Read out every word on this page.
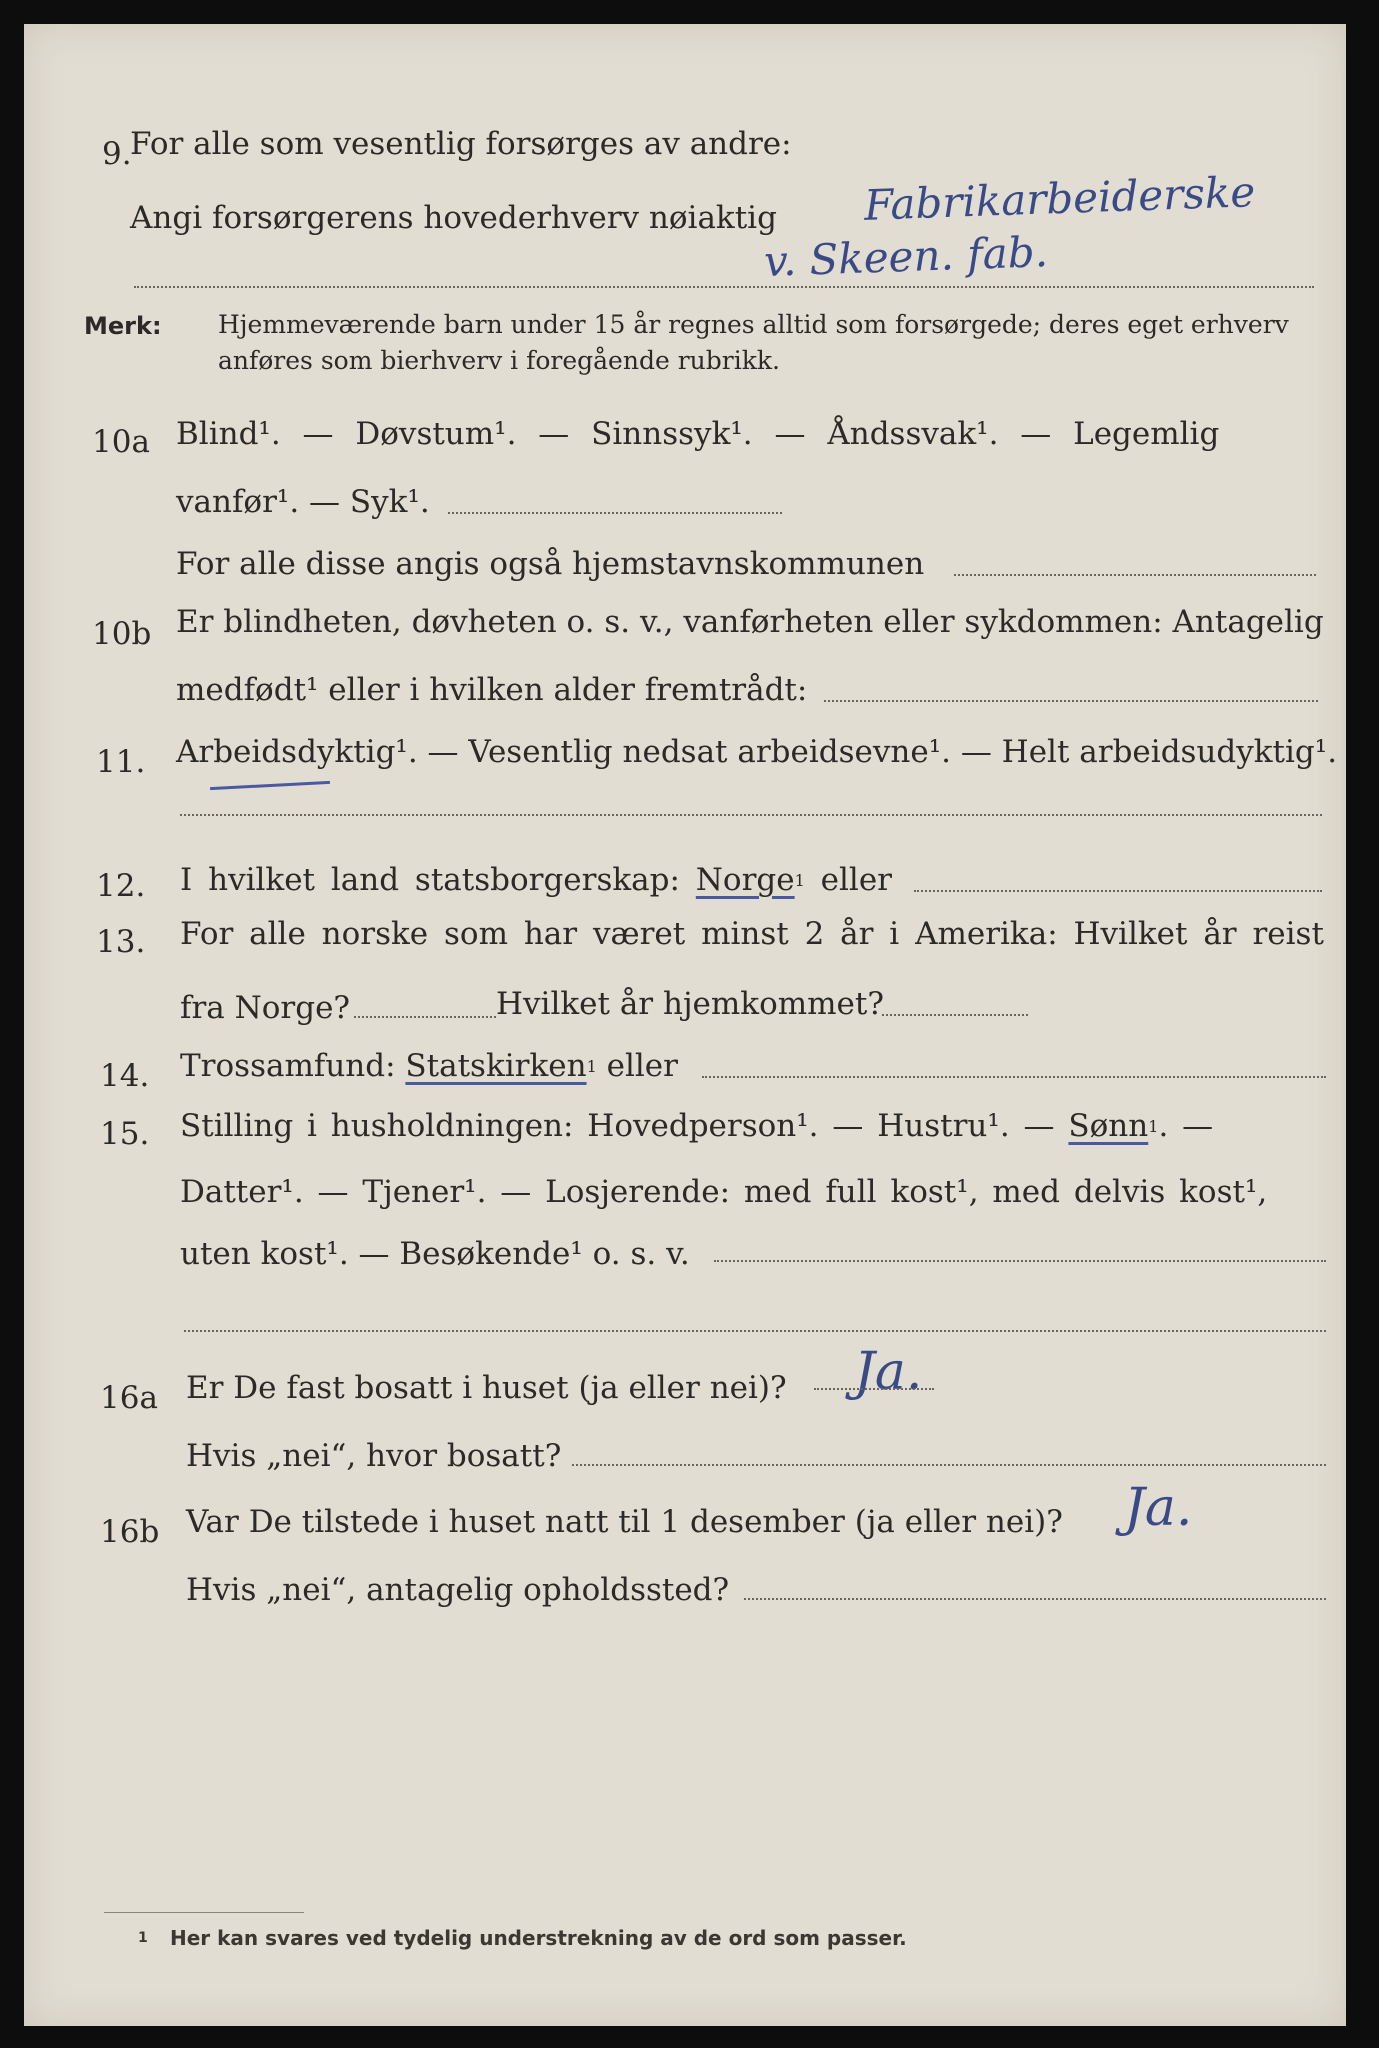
9.
For alle som vesentlig forsørges av andre:
Angi forsørgerens hovederhverv nøiaktig Fabrikarbeiderske
v. Skeen. fab.
Merk: Hjemmeværende barn under 15 år regnes alltid som forsørgede; deres eget erhverv
anføres som bierhverv i foregående rubrikk.
10a Blind¹. — Døvstum¹. — Sinnssyk¹. — Åndssvak¹. — Legemlig
vanfør¹. — Syk¹.
For alle disse angis også hjemstavnskommunen
10b Er blindheten, døvheten o. s. v., vanførheten eller sykdommen: Antagelig
medfødt¹ eller i hvilken alder fremtrådt:
11. Arbeidsdyktig¹. — Vesentlig nedsat arbeidsevne¹. — Helt arbeidsudyktig¹.
12. I hvilket land statsborgerskap: Norge$^1$ eller
13. For alle norske som har været minst 2 år i Amerika: Hvilket år reist
fra Norge?	Hvilket år hjemkommet?
14. Trossamfund: Statskirken$^1$ eller
15. Stilling i husholdningen: Hovedperson¹. — Hustru¹. — Sønn$^1$. —
Datter¹. — Tjener¹. — Losjerende: med full kost¹, med delvis kost¹,
uten kost¹. — Besøkende¹ o. s. v.
16a Er De fast bosatt i huset (ja eller nei)? Ja.
Hvis „nei“, hvor bosatt?
16b Var De tilstede i huset natt til 1 desember (ja eller nei)? Ja.
Hvis „nei“, antagelig opholdssted?
1 Her kan svares ved tydelig understrekning av de ord som passer.
